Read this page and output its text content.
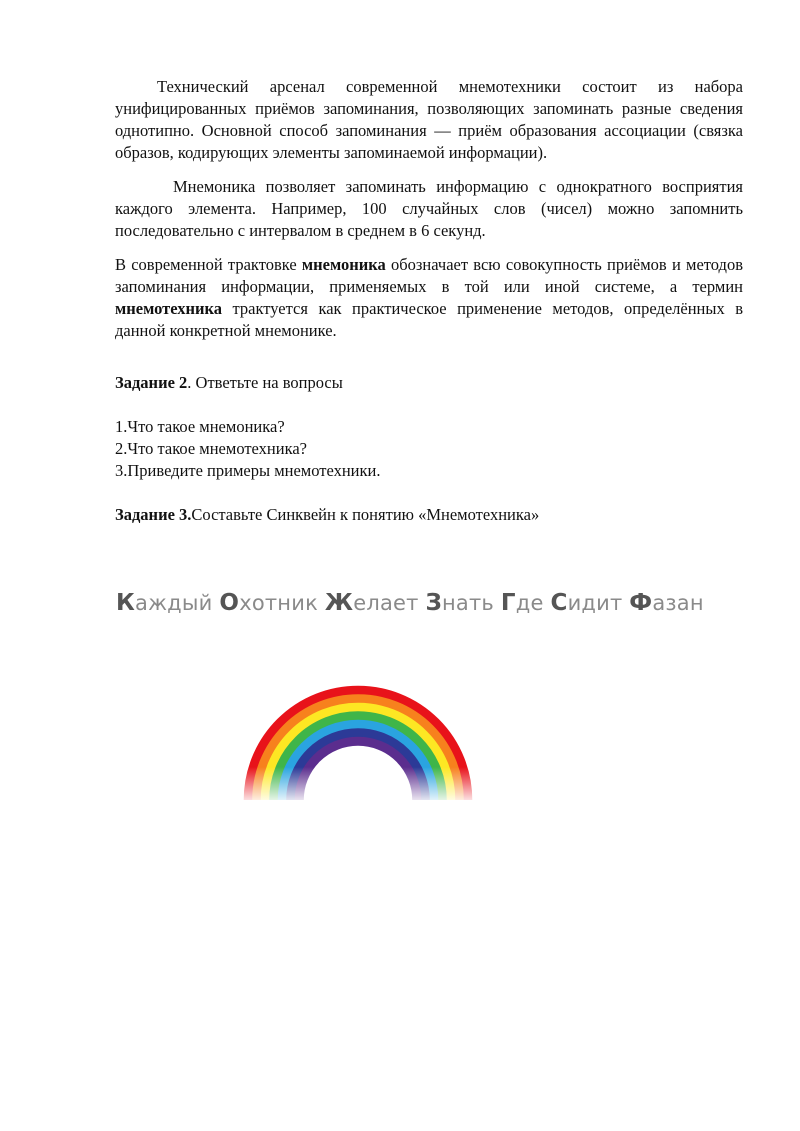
Технический арсенал современной мнемотехники состоит из набора унифицированных приёмов запоминания, позволяющих запоминать разные сведения однотипно. Основной способ запоминания — приём образования ассоциации (связка образов, кодирующих элементы запоминаемой информации).

Мнемоника позволяет запоминать информацию с однократного восприятия каждого элемента. Например, 100 случайных слов (чисел) можно запомнить последовательно с интервалом в среднем в 6 секунд.

В современной трактовке мнемоника обозначает всю совокупность приёмов и методов запоминания информации, применяемых в той или иной системе, а термин мнемотехника трактуется как практическое применение методов, определённых в данной конкретной мнемонике.

Задание 2. Ответьте на вопросы

1.Что такое мнемоника?
2.Что такое мнемотехника?
3.Приведите примеры мнемотехники.

Задание 3.Составьте Синквейн к понятию «Мнемотехника»

Каждый Охотник Желает Знать Где Сидит Фазан
